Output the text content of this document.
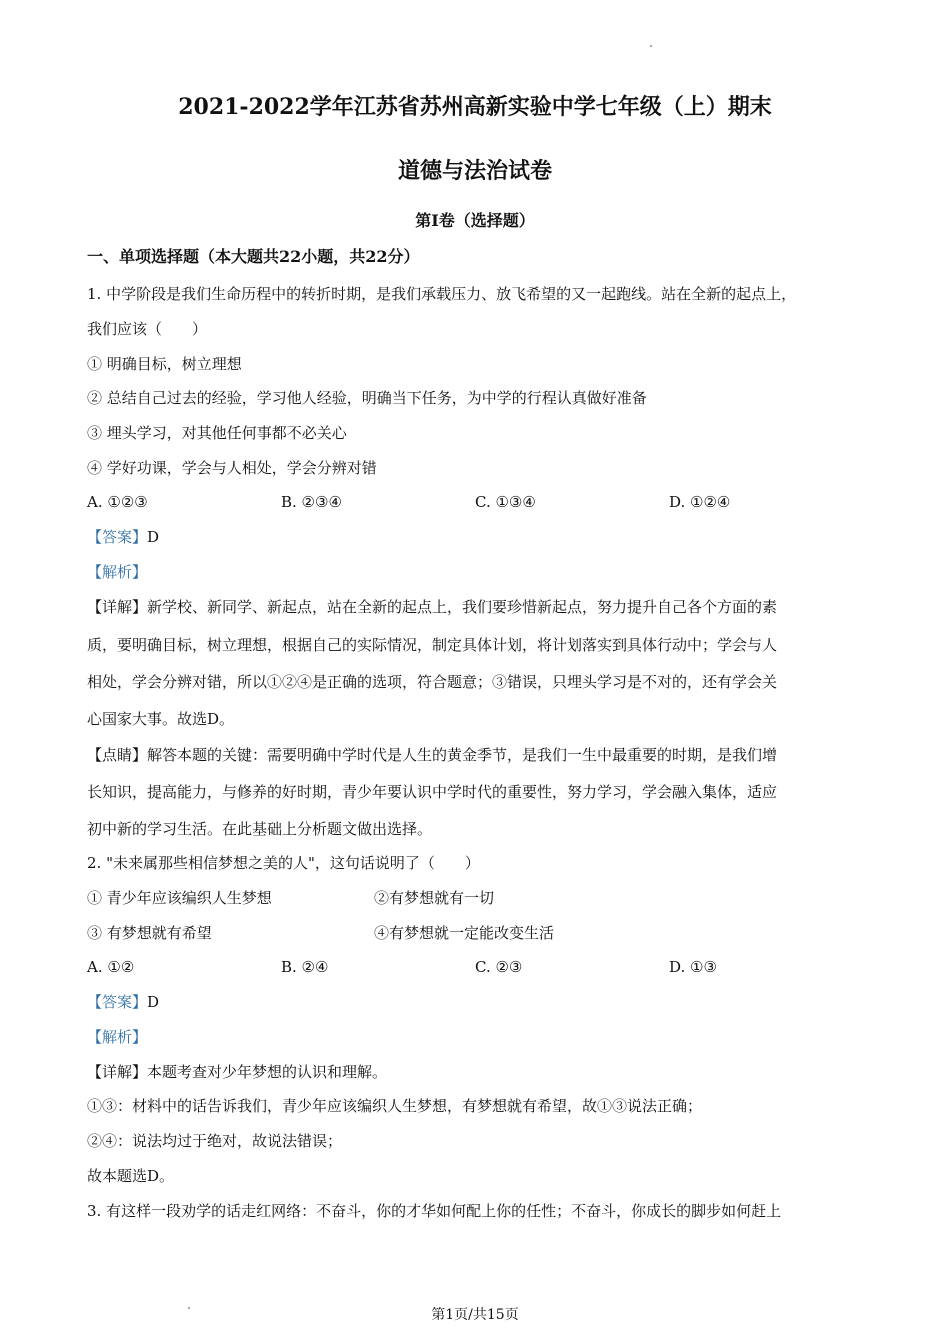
2021-2022学年江苏省苏州高新实验中学七年级（上）期末
道德与法治试卷
第Ⅰ卷（选择题）
一、单项选择题（本大题共22小题，共22分）
1. 中学阶段是我们生命历程中的转折时期，是我们承载压力、放飞希望的又一起跑线。站在全新的起点上，
我们应该（　　）
① 明确目标，树立理想
② 总结自己过去的经验，学习他人经验，明确当下任务，为中学的行程认真做好准备
③ 埋头学习，对其他任何事都不必关心
④ 学好功课，学会与人相处，学会分辨对错
A. ①②③	B. ②③④	C. ①③④	D. ①②④
【答案】D
【解析】
【详解】新学校、新同学、新起点，站在全新的起点上，我们要珍惜新起点，努力提升自己各个方面的素
质，要明确目标，树立理想，根据自己的实际情况，制定具体计划，将计划落实到具体行动中；学会与人
相处，学会分辨对错，所以①②④是正确的选项，符合题意；③错误，只埋头学习是不对的，还有学会关
心国家大事。故选D。
【点睛】解答本题的关键：需要明确中学时代是人生的黄金季节，是我们一生中最重要的时期，是我们增
长知识，提高能力，与修养的好时期，青少年要认识中学时代的重要性，努力学习，学会融入集体，适应
初中新的学习生活。在此基础上分析题文做出选择。
2. "未来属那些相信梦想之美的人"，这句话说明了（　　）
① 青少年应该编织人生梦想	②有梦想就有一切
③ 有梦想就有希望	④有梦想就一定能改变生活
A. ①②	B. ②④	C. ②③	D. ①③
【答案】D
【解析】
【详解】本题考查对少年梦想的认识和理解。
①③：材料中的话告诉我们，青少年应该编织人生梦想，有梦想就有希望，故①③说法正确；
②④：说法均过于绝对，故说法错误；
故本题选D。
3. 有这样一段劝学的话走红网络：不奋斗，你的才华如何配上你的任性；不奋斗，你成长的脚步如何赶上
第1页/共15页
